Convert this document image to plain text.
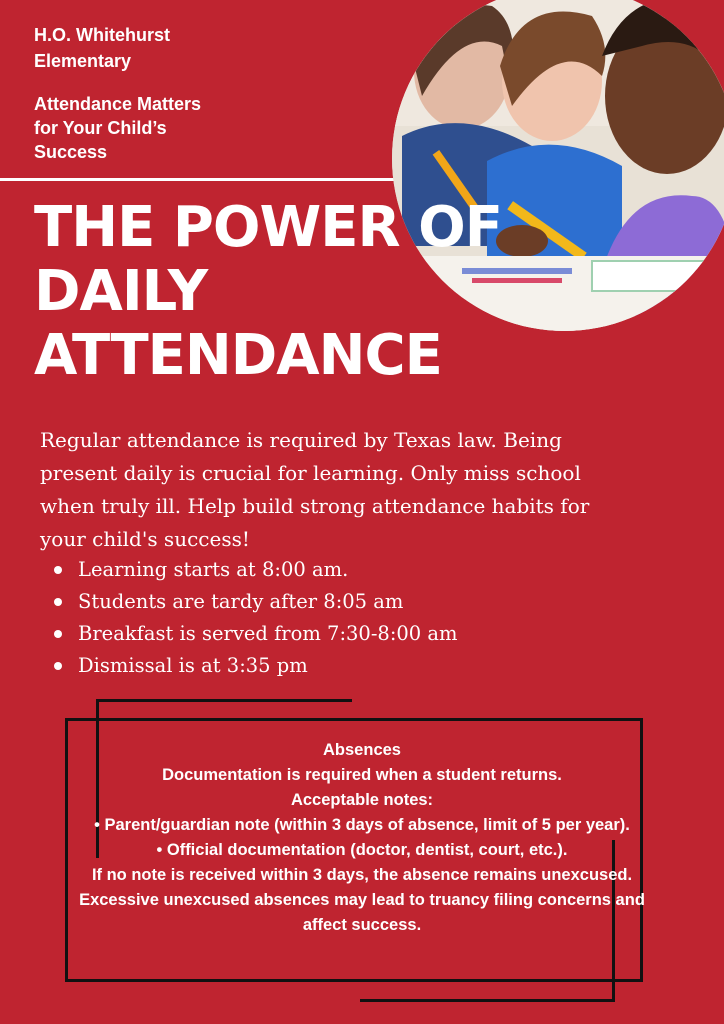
H.O. Whitehurst
Elementary
Attendance Matters
for Your Child’s
Success
THE POWER OF
DAILY
ATTENDANCE

Regular attendance is required by Texas law. Being
present daily is crucial for learning. Only miss school
when truly ill. Help build strong attendance habits for
your child's success!

Learning starts at 8:00 am.
Students are tardy after 8:05 am
Breakfast is served from 7:30-8:00 am
Dismissal is at 3:35 pm
Absences
Documentation is required when a student returns.
Acceptable notes:
• Parent/guardian note (within 3 days of absence, limit of 5 per year).
• Official documentation (doctor, dentist, court, etc.).
If no note is received within 3 days, the absence remains unexcused.
Excessive unexcused absences may lead to truancy filing concerns and
affect success.
